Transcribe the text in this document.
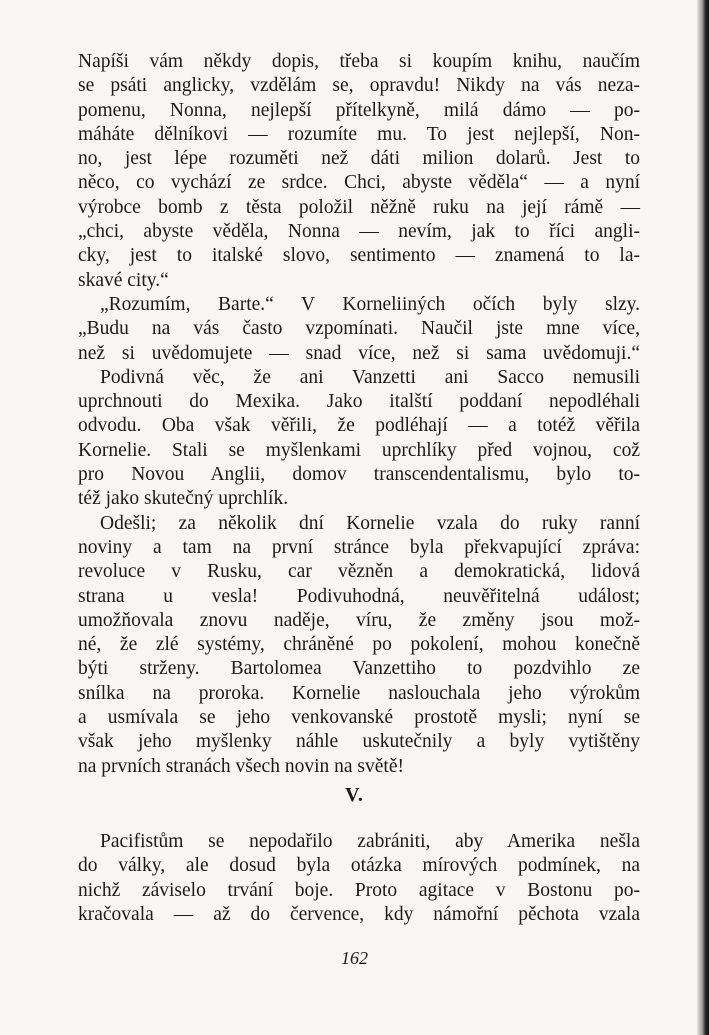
Napíši vám někdy dopis, třeba si koupím knihu, naučím
se psáti anglicky, vzdělám se, opravdu! Nikdy na vás neza-
pomenu, Nonna, nejlepší přítelkyně, milá dámo — po-
máháte dělníkovi — rozumíte mu. To jest nejlepší, Non-
no, jest lépe rozuměti než dáti milion dolarů. Jest to
něco, co vychází ze srdce. Chci, abyste věděla“ — a nyní
výrobce bomb z těsta položil něžně ruku na její rámě —
„chci, abyste věděla, Nonna — nevím, jak to říci angli-
cky, jest to italské slovo, sentimento — znamená to la-
skavé city.“
„Rozumím, Barte.“ V Korneliiných očích byly slzy.
„Budu na vás často vzpomínati. Naučil jste mne více,
než si uvědomujete — snad více, než si sama uvědomuji.“
Podivná věc, že ani Vanzetti ani Sacco nemusili
uprchnouti do Mexika. Jako italští poddaní nepodléhali
odvodu. Oba však věřili, že podléhají — a totéž věřila
Kornelie. Stali se myšlenkami uprchlíky před vojnou, což
pro Novou Anglii, domov transcendentalismu, bylo to-
též jako skutečný uprchlík.
Odešli; za několik dní Kornelie vzala do ruky ranní
noviny a tam na první stránce byla překvapující zpráva:
revoluce v Rusku, car vězněn a demokratická, lidová
strana u vesla! Podivuhodná, neuvěřitelná událost;
umožňovala znovu naděje, víru, že změny jsou mož-
né, že zlé systémy, chráněné po pokolení, mohou konečně
býti strženy. Bartolomea Vanzettiho to pozdvihlo ze
snílka na proroka. Kornelie naslouchala jeho výrokům
a usmívala se jeho venkovanské prostotě mysli; nyní se
však jeho myšlenky náhle uskutečnily a byly vytištěny
na prvních stranách všech novin na světě!
V.
Pacifistům se nepodařilo zabrániti, aby Amerika nešla
do války, ale dosud byla otázka mírových podmínek, na
nichž záviselo trvání boje. Proto agitace v Bostonu po-
kračovala — až do července, kdy námořní pěchota vzala
162
